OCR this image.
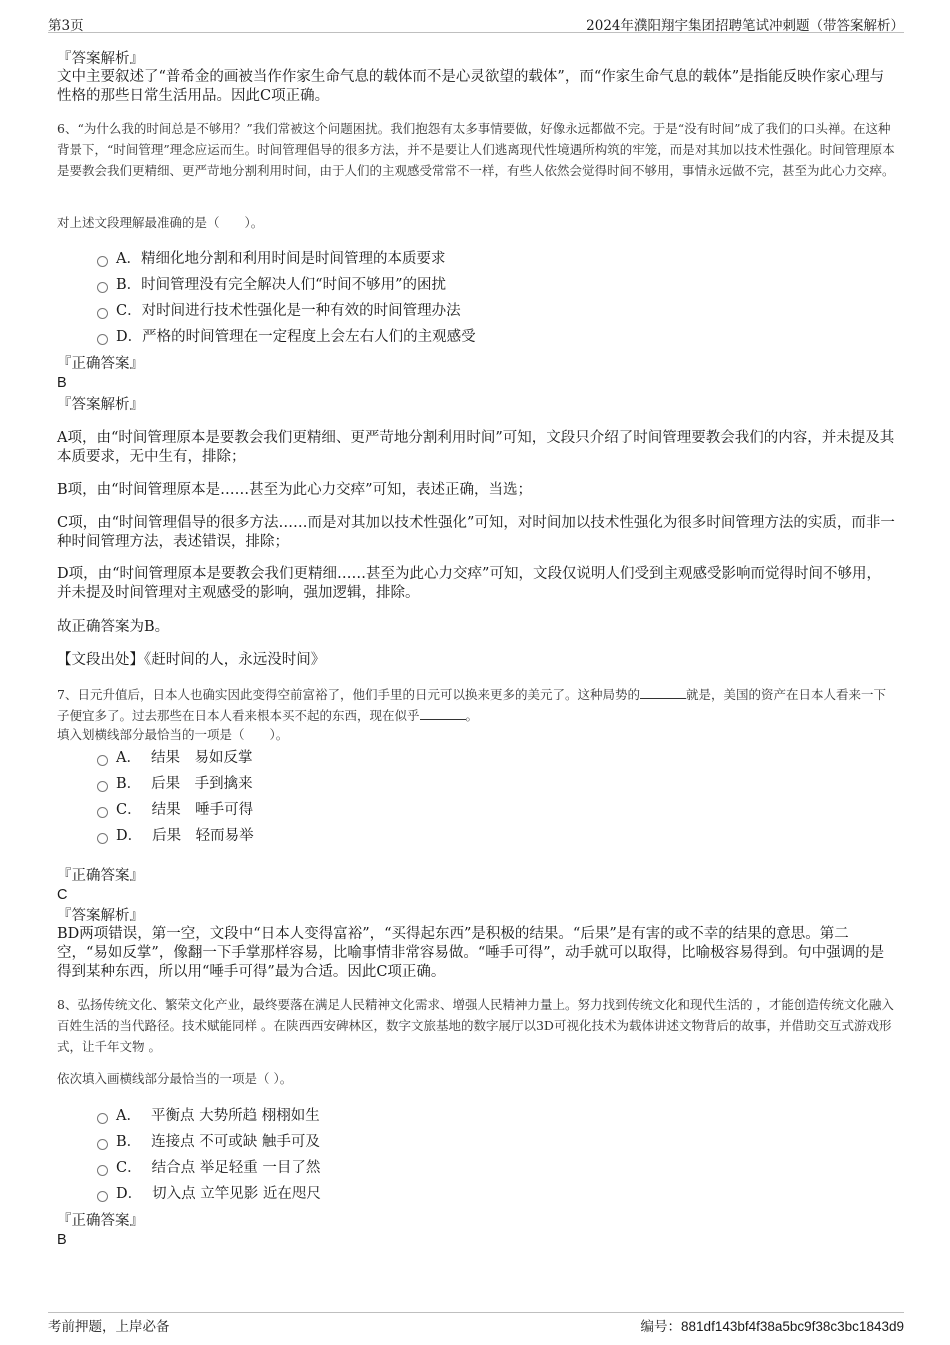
第3页	2024年濮阳翔宇集团招聘笔试冲刺题（带答案解析）
『答案解析』
文中主要叙述了“普希金的画被当作作家生命气息的载体而不是心灵欲望的载体”，而“作家生命气息的载体”是指能反映作家心理与性格的那些日常生活用品。因此C项正确。
6、“为什么我的时间总是不够用？”我们常被这个问题困扰。我们抱怨有太多事情要做，好像永远都做不完。于是“没有时间”成了我们的口头禅。在这种背景下，“时间管理”理念应运而生。时间管理倡导的很多方法，并不是要让人们逃离现代性境遇所构筑的牢笼，而是对其加以技术性强化。时间管理原本是要教会我们更精细、更严苛地分割利用时间，由于人们的主观感受常常不一样，有些人依然会觉得时间不够用，事情永远做不完，甚至为此心力交瘁。
对上述文段理解最准确的是（　　）。
A． 精细化地分割和利用时间是时间管理的本质要求
B． 时间管理没有完全解决人们“时间不够用”的困扰
C． 对时间进行技术性强化是一种有效的时间管理办法
D． 严格的时间管理在一定程度上会左右人们的主观感受
『正确答案』
B
『答案解析』
A项，由“时间管理原本是要教会我们更精细、更严苛地分割利用时间”可知，文段只介绍了时间管理要教会我们的内容，并未提及其本质要求，无中生有，排除；
B项，由“时间管理原本是……甚至为此心力交瘁”可知，表述正确，当选；
C项，由“时间管理倡导的很多方法……而是对其加以技术性强化”可知，对时间加以技术性强化为很多时间管理方法的实质，而非一种时间管理方法，表述错误，排除；
D项，由“时间管理原本是要教会我们更精细……甚至为此心力交瘁”可知，文段仅说明人们受到主观感受影响而觉得时间不够用，并未提及时间管理对主观感受的影响，强加逻辑，排除。
故正确答案为B。
【文段出处】《赶时间的人，永远没时间》
7、日元升值后，日本人也确实因此变得空前富裕了，他们手里的日元可以换来更多的美元了。这种局势的	就是，美国的资产在日本人看来一下子便宜多了。过去那些在日本人看来根本买不起的东西，现在似乎	。
填入划横线部分最恰当的一项是（　　）。
A． 结果　易如反掌
B． 后果　手到擒来
C． 结果　唾手可得
D． 后果　轻而易举
『正确答案』
C
『答案解析』
BD两项错误，第一空，文段中“日本人变得富裕”，“买得起东西”是积极的结果。“后果”是有害的或不幸的结果的意思。第二空，“易如反掌”，像翻一下手掌那样容易，比喻事情非常容易做。“唾手可得”，动手就可以取得，比喻极容易得到。句中强调的是得到某种东西，所以用“唾手可得”最为合适。因此C项正确。
8、弘扬传统文化、繁荣文化产业，最终要落在满足人民精神文化需求、增强人民精神力量上。努力找到传统文化和现代生活的 ，才能创造传统文化融入百姓生活的当代路径。技术赋能同样 。在陕西西安碑林区，数字文旅基地的数字展厅以3D可视化技术为载体讲述文物背后的故事，并借助交互式游戏形式，让千年文物 。
依次填入画横线部分最恰当的一项是（ ）。
A． 平衡点 大势所趋 栩栩如生
B． 连接点 不可或缺 触手可及
C． 结合点 举足轻重 一目了然
D． 切入点 立竿见影 近在咫尺
『正确答案』
B
考前押题，上岸必备	编号：881df143bf4f38a5bc9f38c3bc1843d9
